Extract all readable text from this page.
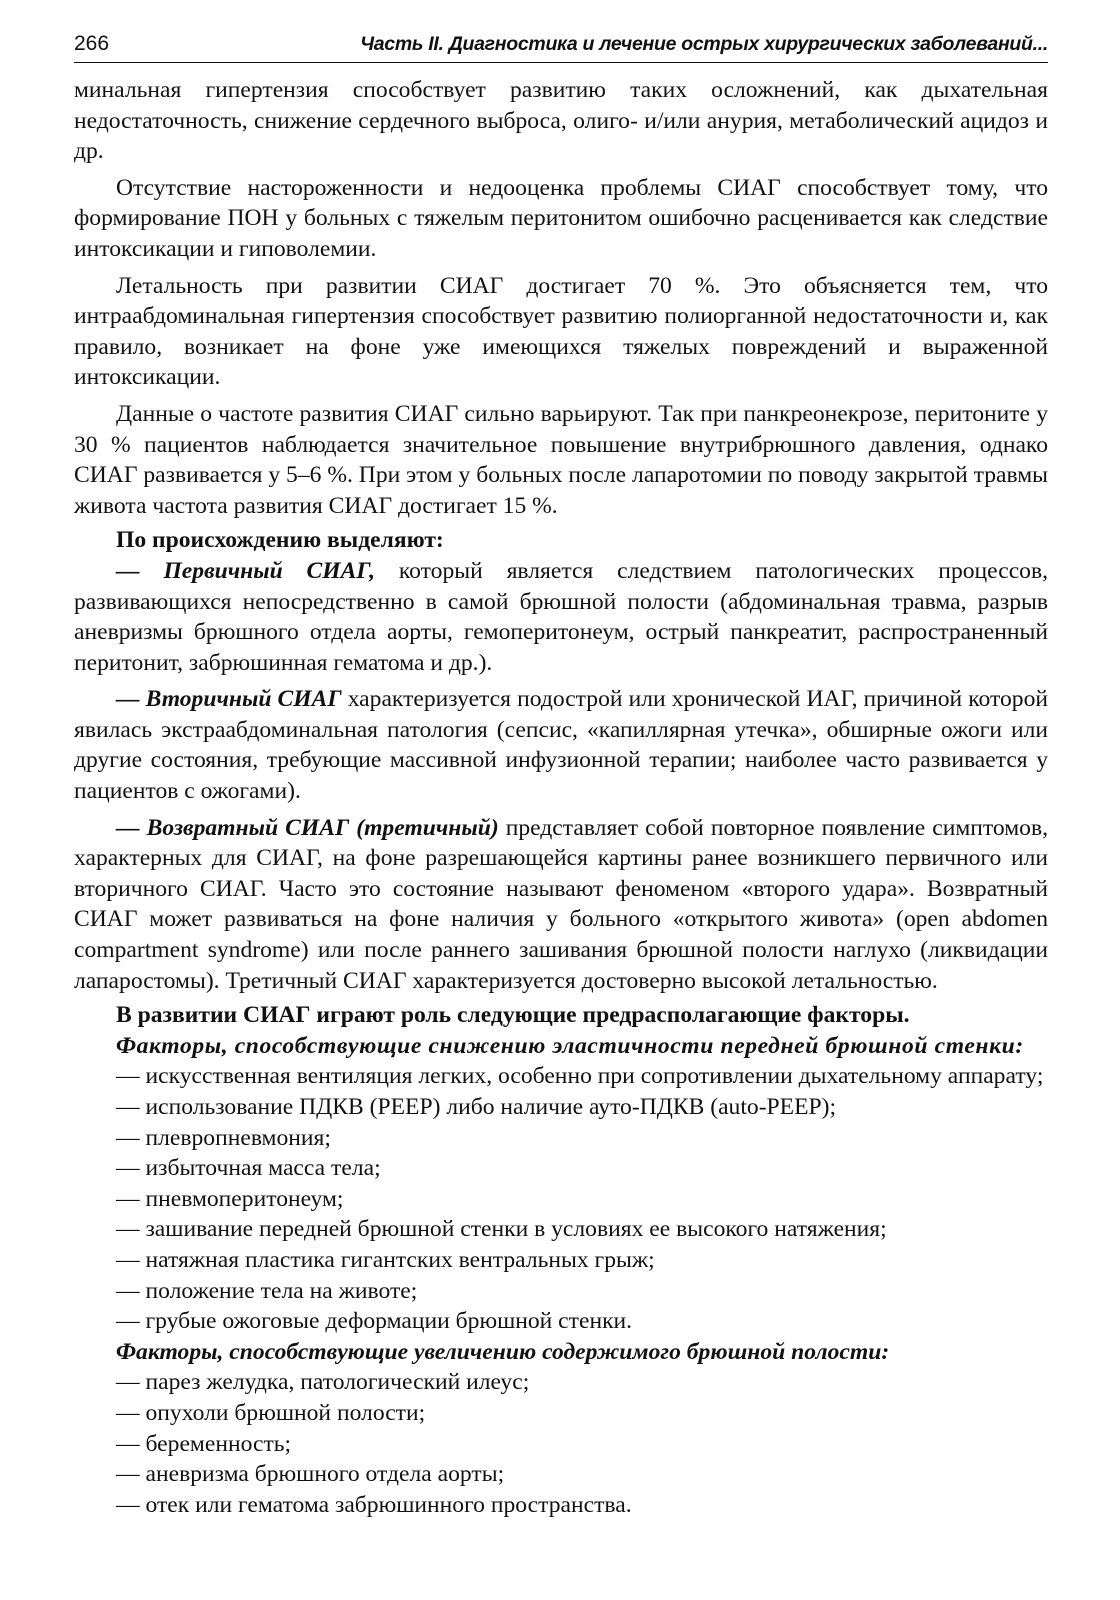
266	Часть II. Диагностика и лечение острых хирургических заболеваний...

минальная гипертензия способствует развитию таких осложнений, как дыхательная недостаточность, снижение сердечного выброса, олиго- и/или анурия, метаболический ацидоз и др.

Отсутствие настороженности и недооценка проблемы СИАГ способствует тому, что формирование ПОН у больных с тяжелым перитонитом ошибочно расценивается как следствие интоксикации и гиповолемии.

Летальность при развитии СИАГ достигает 70 %. Это объясняется тем, что интраабдоминальная гипертензия способствует развитию полиорганной недостаточности и, как правило, возникает на фоне уже имеющихся тяжелых повреждений и выраженной интоксикации.

Данные о частоте развития СИАГ сильно варьируют. Так при панкреонекрозе, перитоните у 30 % пациентов наблюдается значительное повышение внутрибрюшного давления, однако СИАГ развивается у 5–6 %. При этом у больных после лапаротомии по поводу закрытой травмы живота частота развития СИАГ достигает 15 %.

По происхождению выделяют:

— Первичный СИАГ, который является следствием патологических процессов, развивающихся непосредственно в самой брюшной полости (абдоминальная травма, разрыв аневризмы брюшного отдела аорты, гемоперитонеум, острый панкреатит, распространенный перитонит, забрюшинная гематома и др.).

— Вторичный СИАГ характеризуется подострой или хронической ИАГ, причиной которой явилась экстраабдоминальная патология (сепсис, «капиллярная утечка», обширные ожоги или другие состояния, требующие массивной инфузионной терапии; наиболее часто развивается у пациентов с ожогами).

— Возвратный СИАГ (третичный) представляет собой повторное появление симптомов, характерных для СИАГ, на фоне разрешающейся картины ранее возникшего первичного или вторичного СИАГ. Часто это состояние называют феноменом «второго удара». Возвратный СИАГ может развиваться на фоне наличия у больного «открытого живота» (open abdomen compartment syndrome) или после раннего зашивания брюшной полости наглухо (ликвидации лапаростомы). Третичный СИАГ характеризуется достоверно высокой летальностью.

В развитии СИАГ играют роль следующие предрасполагающие факторы.

Факторы, способствующие снижению эластичности передней брюшной стенки:

— искусственная вентиляция легких, особенно при сопротивлении дыхательному аппарату;
— использование ПДКВ (PEEP) либо наличие ауто-ПДКВ (auto-PEEP);
— плевропневмония;
— избыточная масса тела;
— пневмоперитонеум;
— зашивание передней брюшной стенки в условиях ее высокого натяжения;
— натяжная пластика гигантских вентральных грыж;
— положение тела на животе;
— грубые ожоговые деформации брюшной стенки.

Факторы, способствующие увеличению содержимого брюшной полости:

— парез желудка, патологический илеус;
— опухоли брюшной полости;
— беременность;
— аневризма брюшного отдела аорты;
— отек или гематома забрюшинного пространства.
